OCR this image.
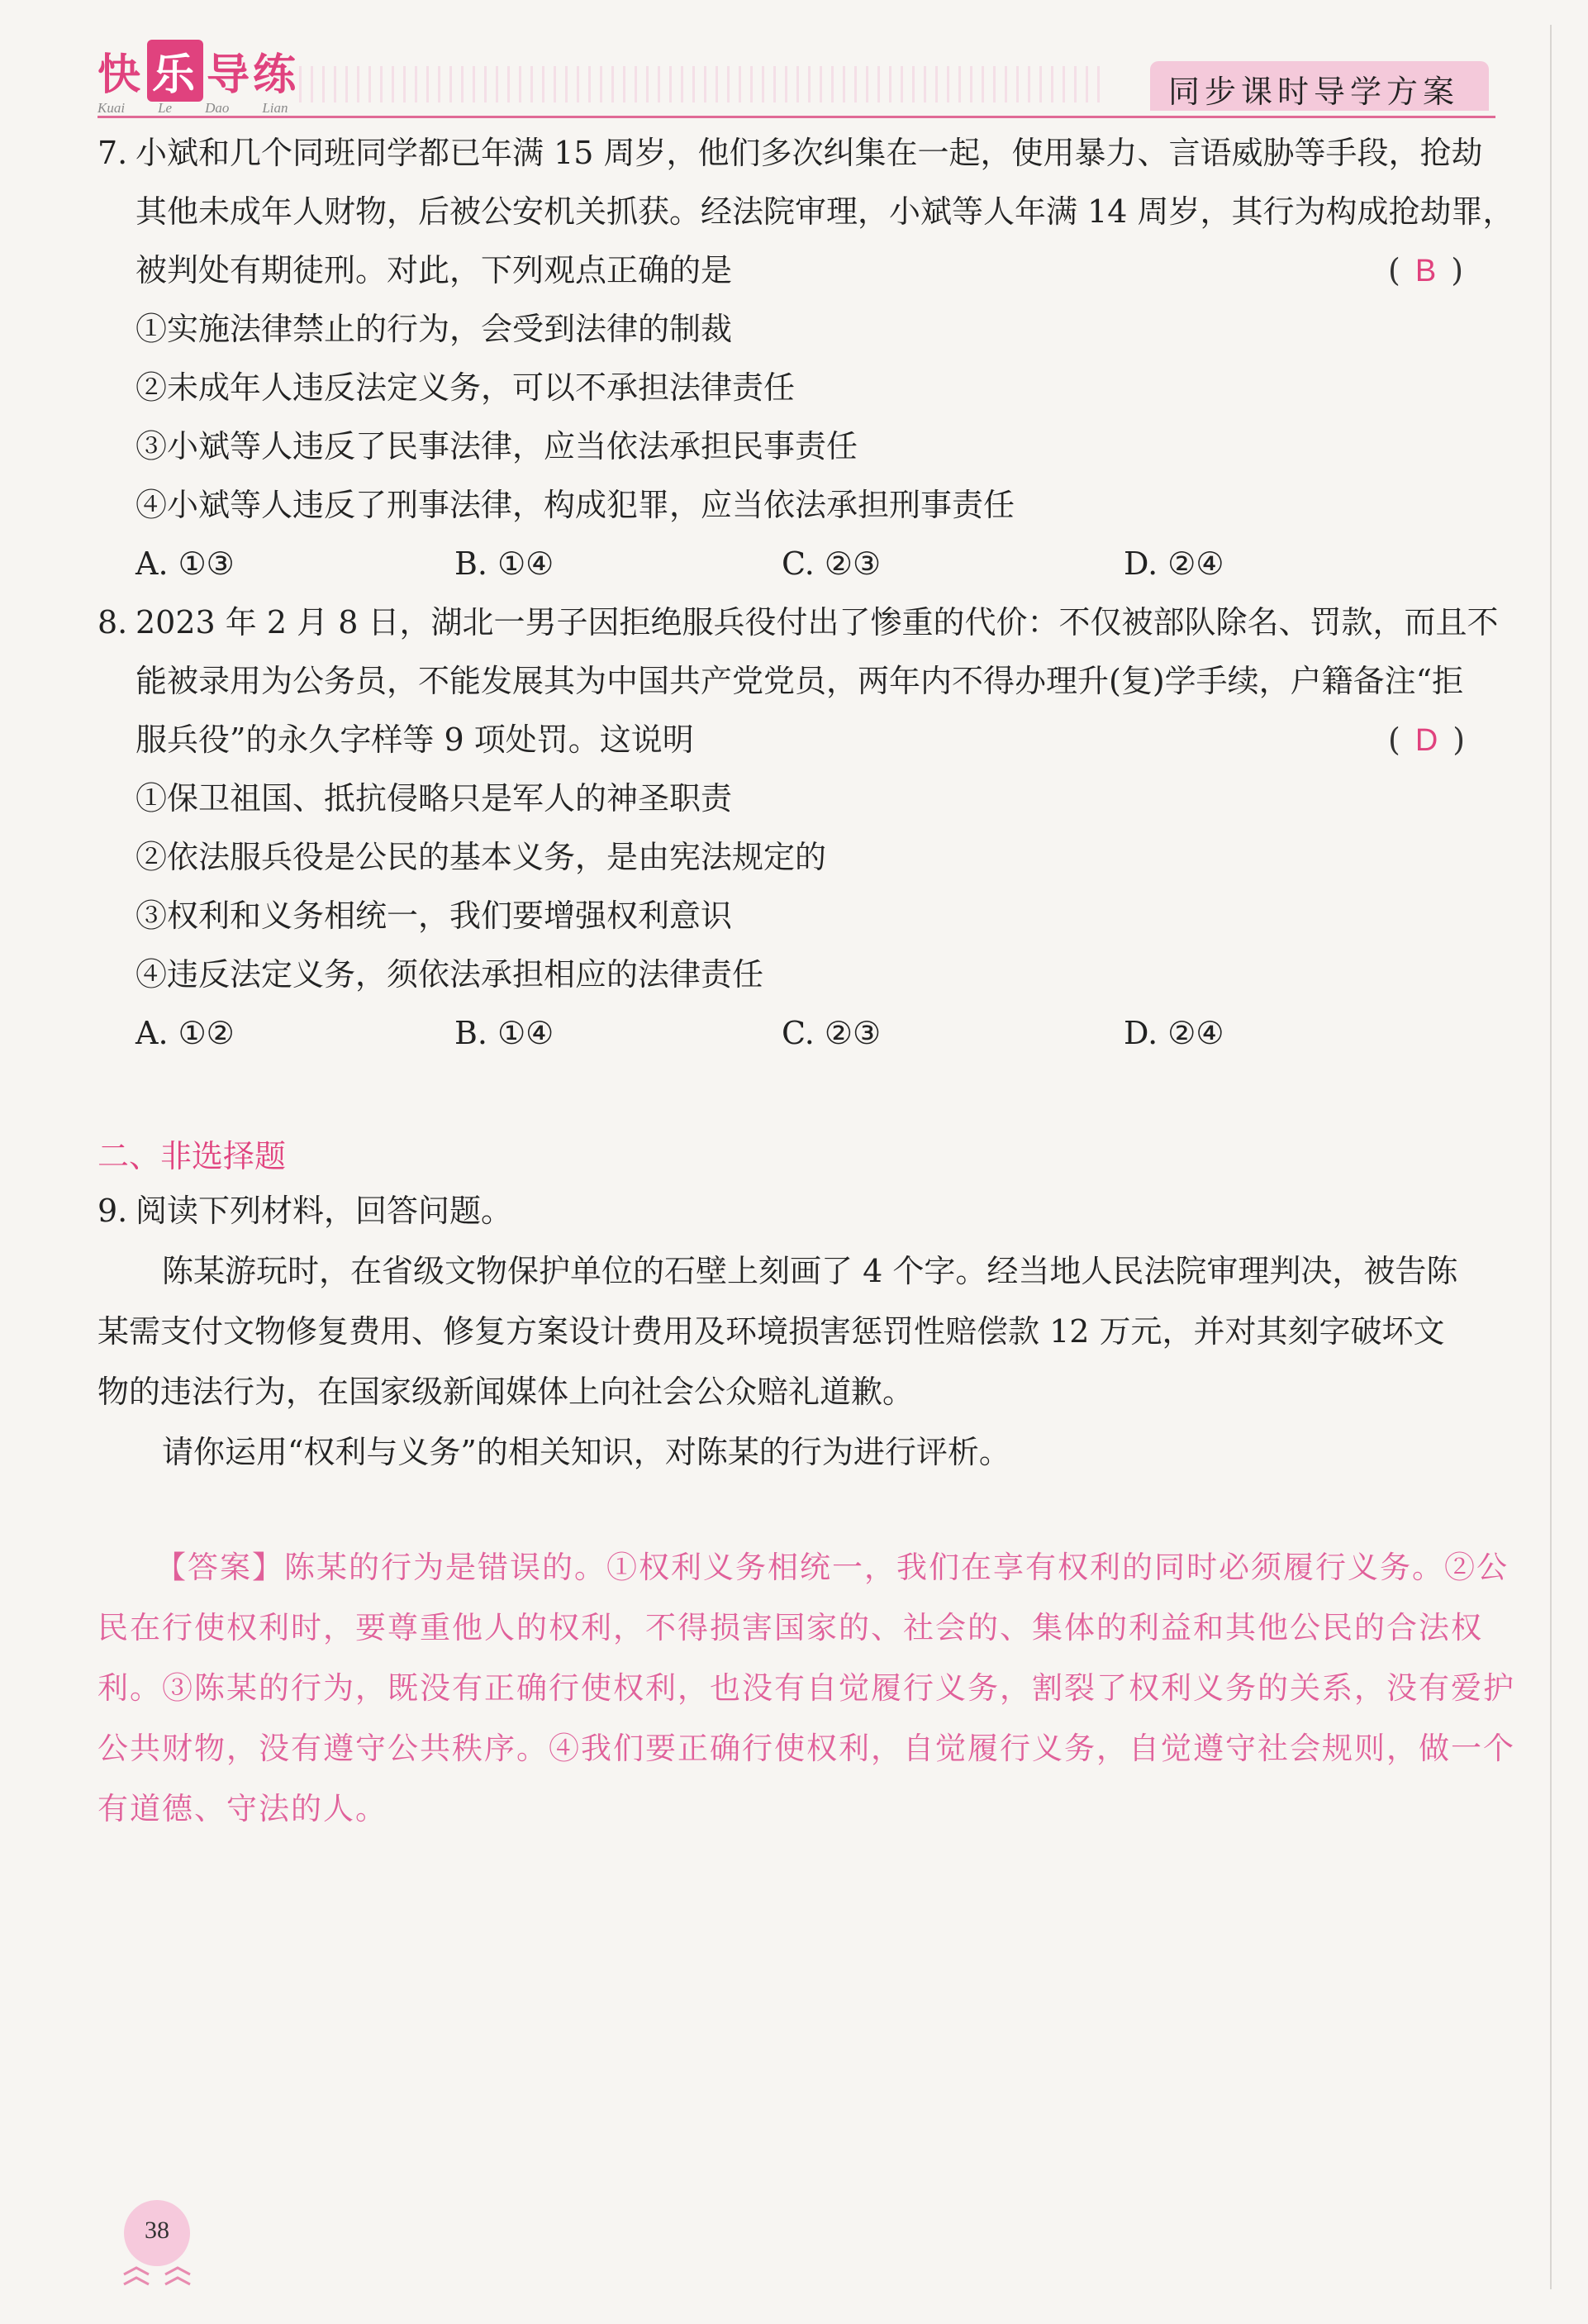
快 乐 导练
Kuai Le Dao Lian	同步课时导学方案
7. 小斌和几个同班同学都已年满 15 周岁，他们多次纠集在一起，使用暴力、言语威胁等手段，抢劫
其他未成年人财物，后被公安机关抓获。经法院审理，小斌等人年满 14 周岁，其行为构成抢劫罪，
被判处有期徒刑。对此，下列观点正确的是	( B )
①实施法律禁止的行为，会受到法律的制裁
②未成年人违反法定义务，可以不承担法律责任
③小斌等人违反了民事法律，应当依法承担民事责任
④小斌等人违反了刑事法律，构成犯罪，应当依法承担刑事责任
A. ①③	B. ①④	C. ②③	D. ②④
8. 2023 年 2 月 8 日，湖北一男子因拒绝服兵役付出了惨重的代价：不仅被部队除名、罚款，而且不
能被录用为公务员，不能发展其为中国共产党党员，两年内不得办理升(复)学手续，户籍备注“拒
服兵役”的永久字样等 9 项处罚。这说明	( D )
①保卫祖国、抵抗侵略只是军人的神圣职责
②依法服兵役是公民的基本义务，是由宪法规定的
③权利和义务相统一，我们要增强权利意识
④违反法定义务，须依法承担相应的法律责任
A. ①②	B. ①④	C. ②③	D. ②④
二、非选择题
9. 阅读下列材料，回答问题。
陈某游玩时，在省级文物保护单位的石壁上刻画了 4 个字。经当地人民法院审理判决，被告陈
某需支付文物修复费用、修复方案设计费用及环境损害惩罚性赔偿款 12 万元，并对其刻字破坏文
物的违法行为，在国家级新闻媒体上向社会公众赔礼道歉。
请你运用“权利与义务”的相关知识，对陈某的行为进行评析。
【答案】陈某的行为是错误的。①权利义务相统一，我们在享有权利的同时必须履行义务。②公
民在行使权利时，要尊重他人的权利，不得损害国家的、社会的、集体的利益和其他公民的合法权
利。③陈某的行为，既没有正确行使权利，也没有自觉履行义务，割裂了权利义务的关系，没有爱护
公共财物，没有遵守公共秩序。④我们要正确行使权利，自觉履行义务，自觉遵守社会规则，做一个
有道德、守法的人。
38
